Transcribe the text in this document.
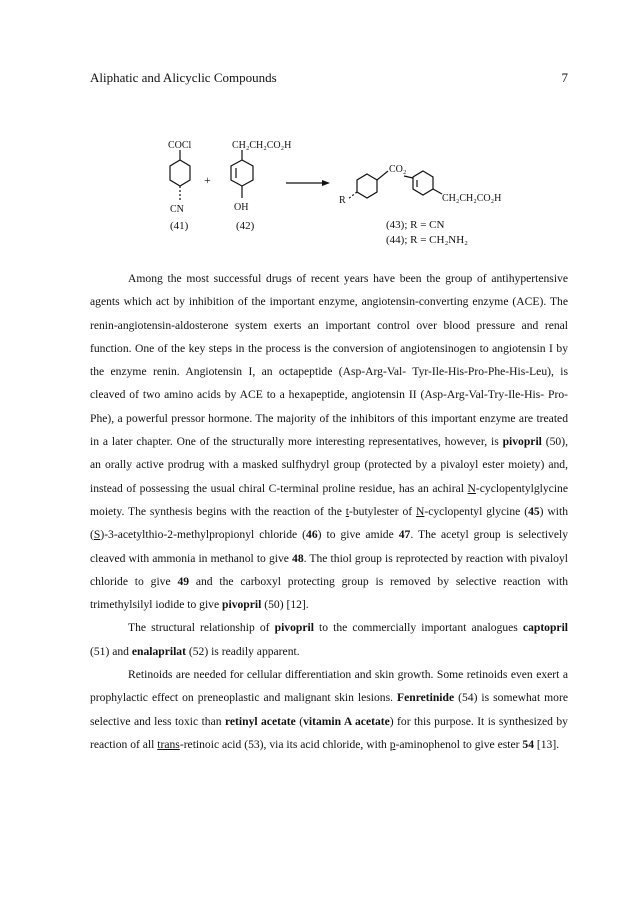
Aliphatic and Alicyclic Compounds	7
COCl
CN
(41)
+
CH₂CH₂CO₂H
OH
(42)
CO₂
R	CH₂CH₂CO₂H
(43); R = CN
(44); R = CH₂NH₂

Among the most successful drugs of recent years have been the group of antihypertensive agents which act by inhibition of the important enzyme, angiotensin-converting enzyme (ACE). The renin-angiotensin-aldosterone system exerts an important control over blood pressure and renal function. One of the key steps in the process is the conversion of angiotensinogen to angiotensin I by the enzyme renin. Angiotensin I, an octapeptide (Asp-Arg-Val- Tyr-Ile-His-Pro-Phe-His-Leu), is cleaved of two amino acids by ACE to a hexapeptide, angiotensin II (Asp-Arg-Val-Try-Ile-His- Pro-Phe), a powerful pressor hormone. The majority of the inhibitors of this important enzyme are treated in a later chapter. One of the structurally more interesting representatives, however, is pivopril (50), an orally active prodrug with a masked sulfhydryl group (protected by a pivaloyl ester moiety) and, instead of possessing the usual chiral C-terminal proline residue, has an achiral N-cyclopentylglycine moiety. The synthesis begins with the reaction of the t-butylester of N-cyclopentyl glycine (45) with (S)-3-acetylthio-2-methylpropionyl chloride (46) to give amide 47. The acetyl group is selectively cleaved with ammonia in methanol to give 48. The thiol group is reprotected by reaction with pivaloyl chloride to give 49 and the carboxyl protecting group is removed by selective reaction with trimethylsilyl iodide to give pivopril (50) [12].

The structural relationship of pivopril to the commercially important analogues captopril (51) and enalaprilat (52) is readily apparent.

Retinoids are needed for cellular differentiation and skin growth. Some retinoids even exert a prophylactic effect on preneoplastic and malignant skin lesions. Fenretinide (54) is somewhat more selective and less toxic than retinyl acetate (vitamin A acetate) for this purpose. It is synthesized by reaction of all trans-retinoic acid (53), via its acid chloride, with p-aminophenol to give ester 54 [13].
